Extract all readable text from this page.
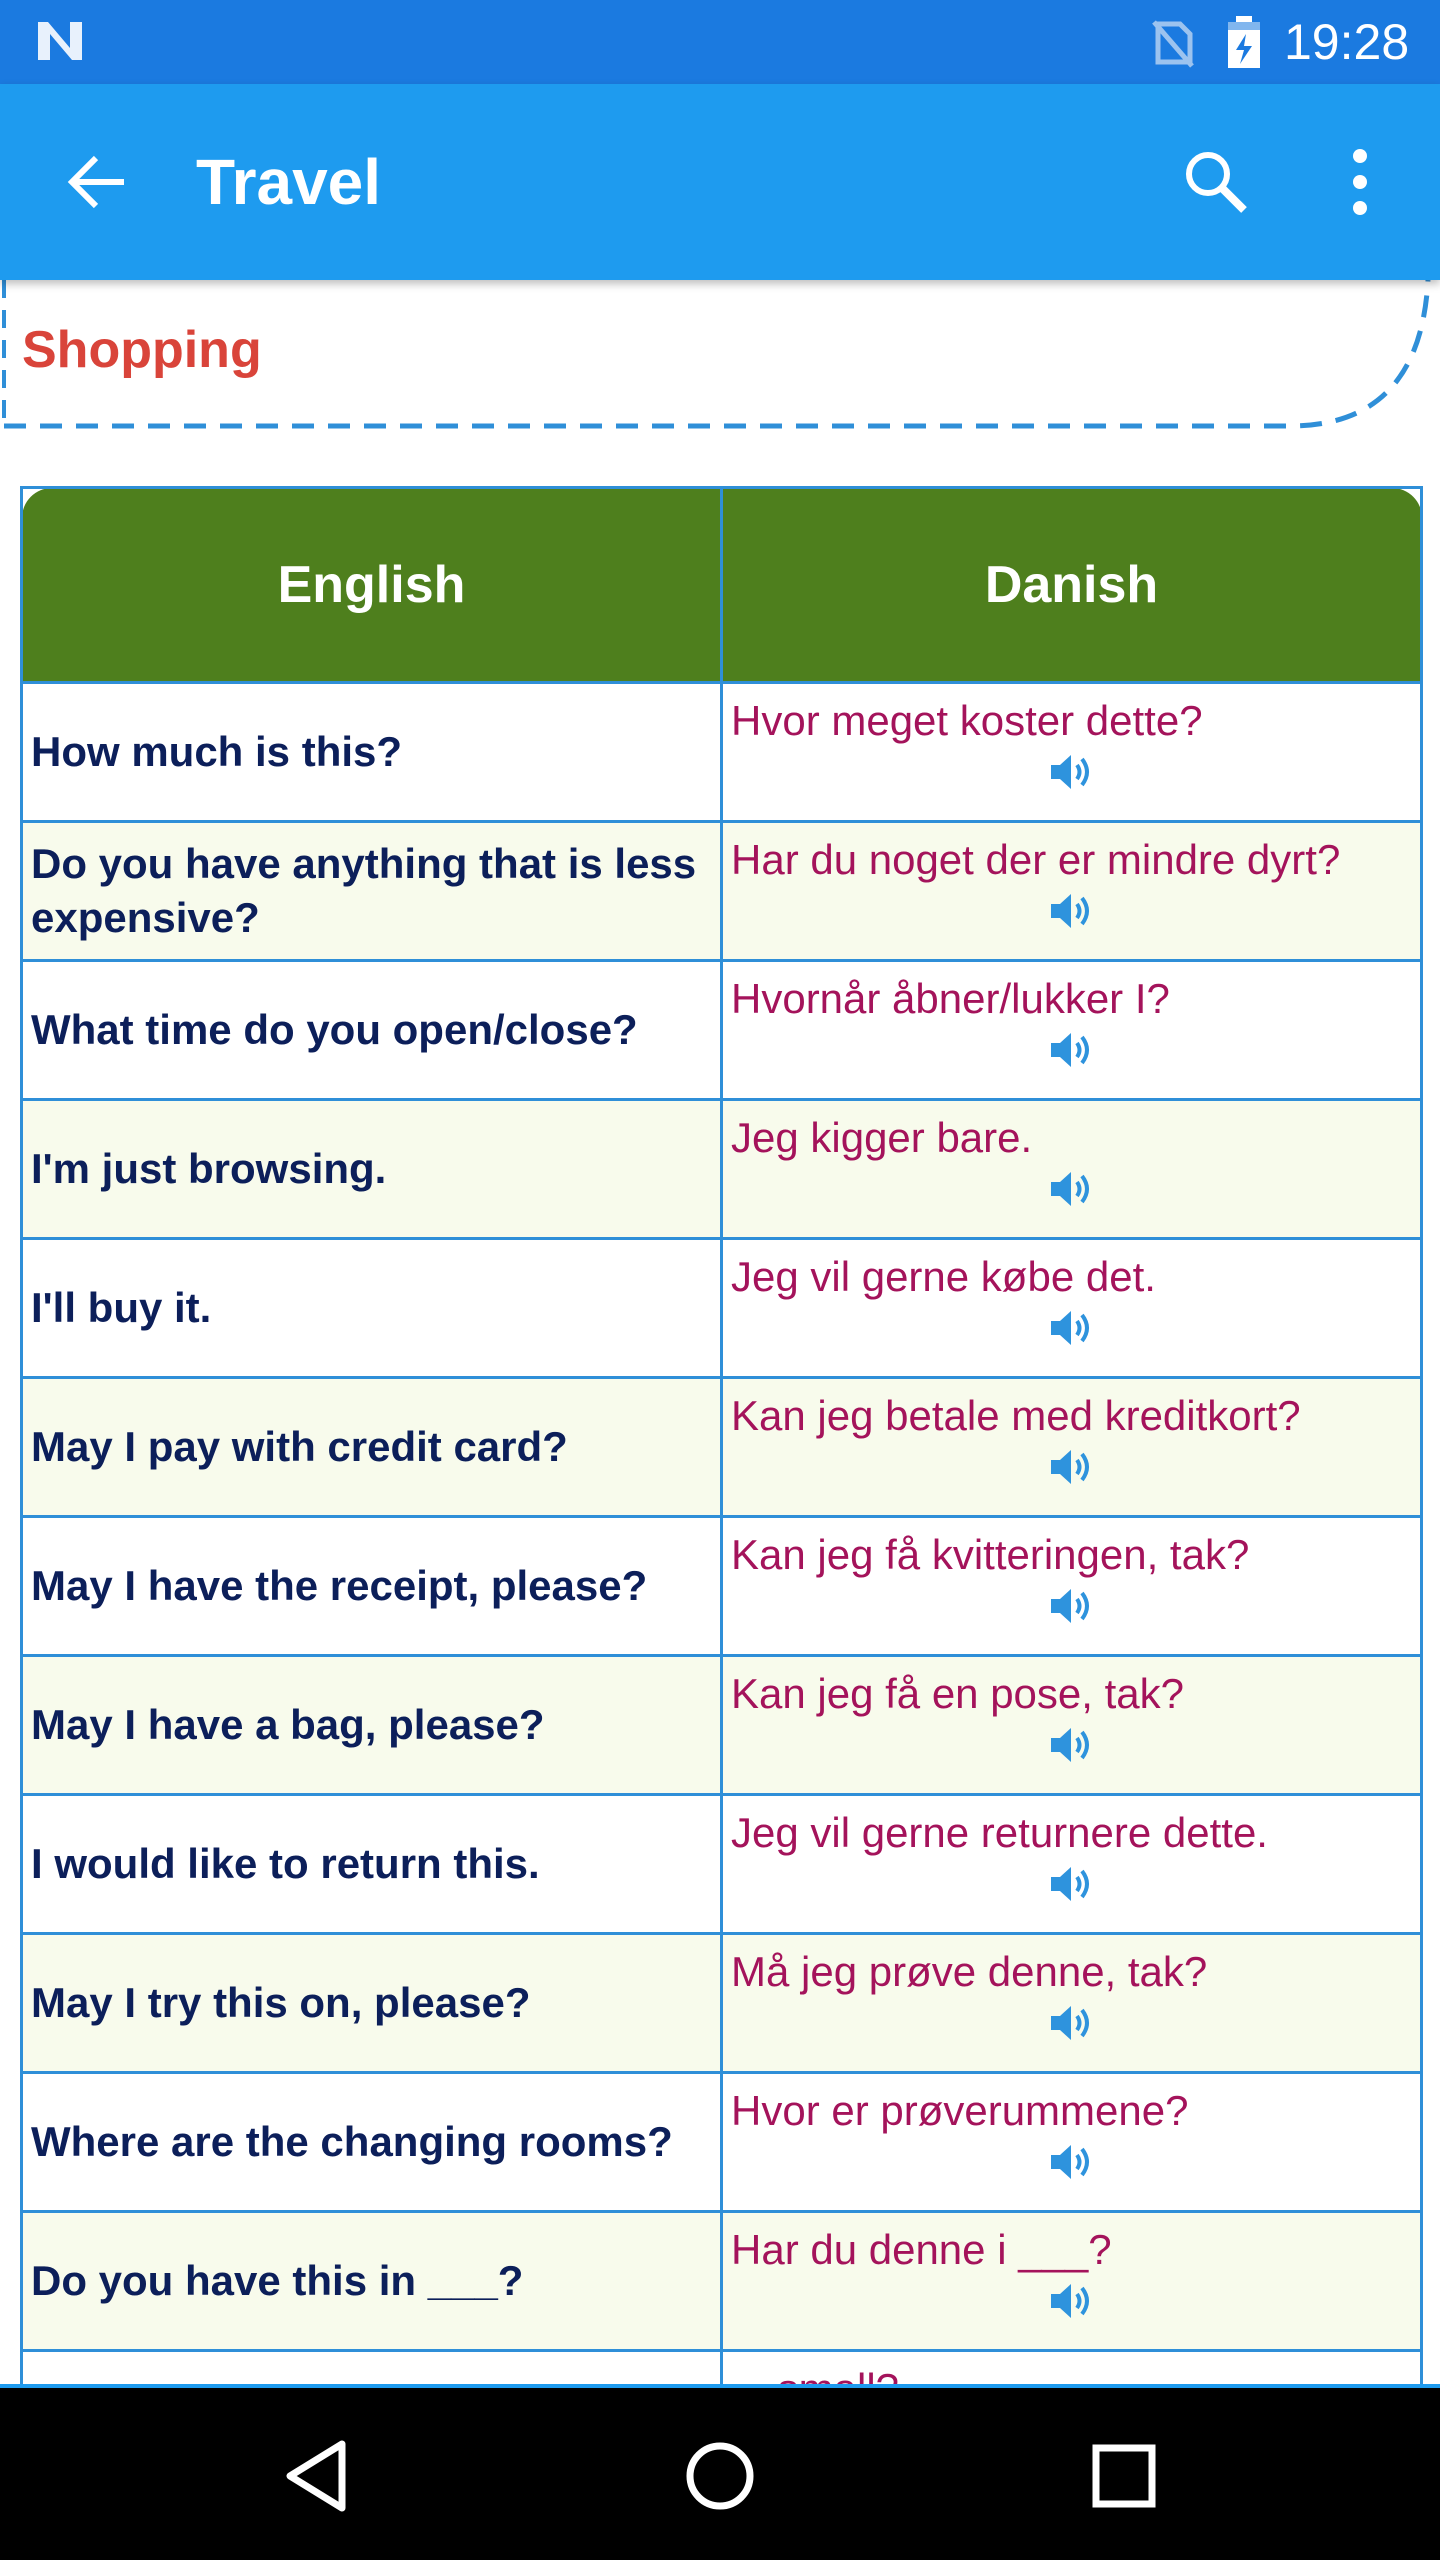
19:28
Travel
Shopping
English	Danish
How much is this?	Hvor meget koster dette?

Do you have anything that is less expensive?	Har du noget der er mindre dyrt?

What time do you open/close?	Hvornår åbner/lukker I?

I'm just browsing.	Jeg kigger bare.

I'll buy it.	Jeg vil gerne købe det.

May I pay with credit card?	Kan jeg betale med kreditkort?

May I have the receipt, please?	Kan jeg få kvitteringen, tak?

May I have a bag, please?	Kan jeg få en pose, tak?

I would like to return this.	Jeg vil gerne returnere dette.

May I try this on, please?	Må jeg prøve denne, tak?

Where are the changing rooms?	Hvor er prøverummene?

Do you have this in ___?	Har du denne i ___?
